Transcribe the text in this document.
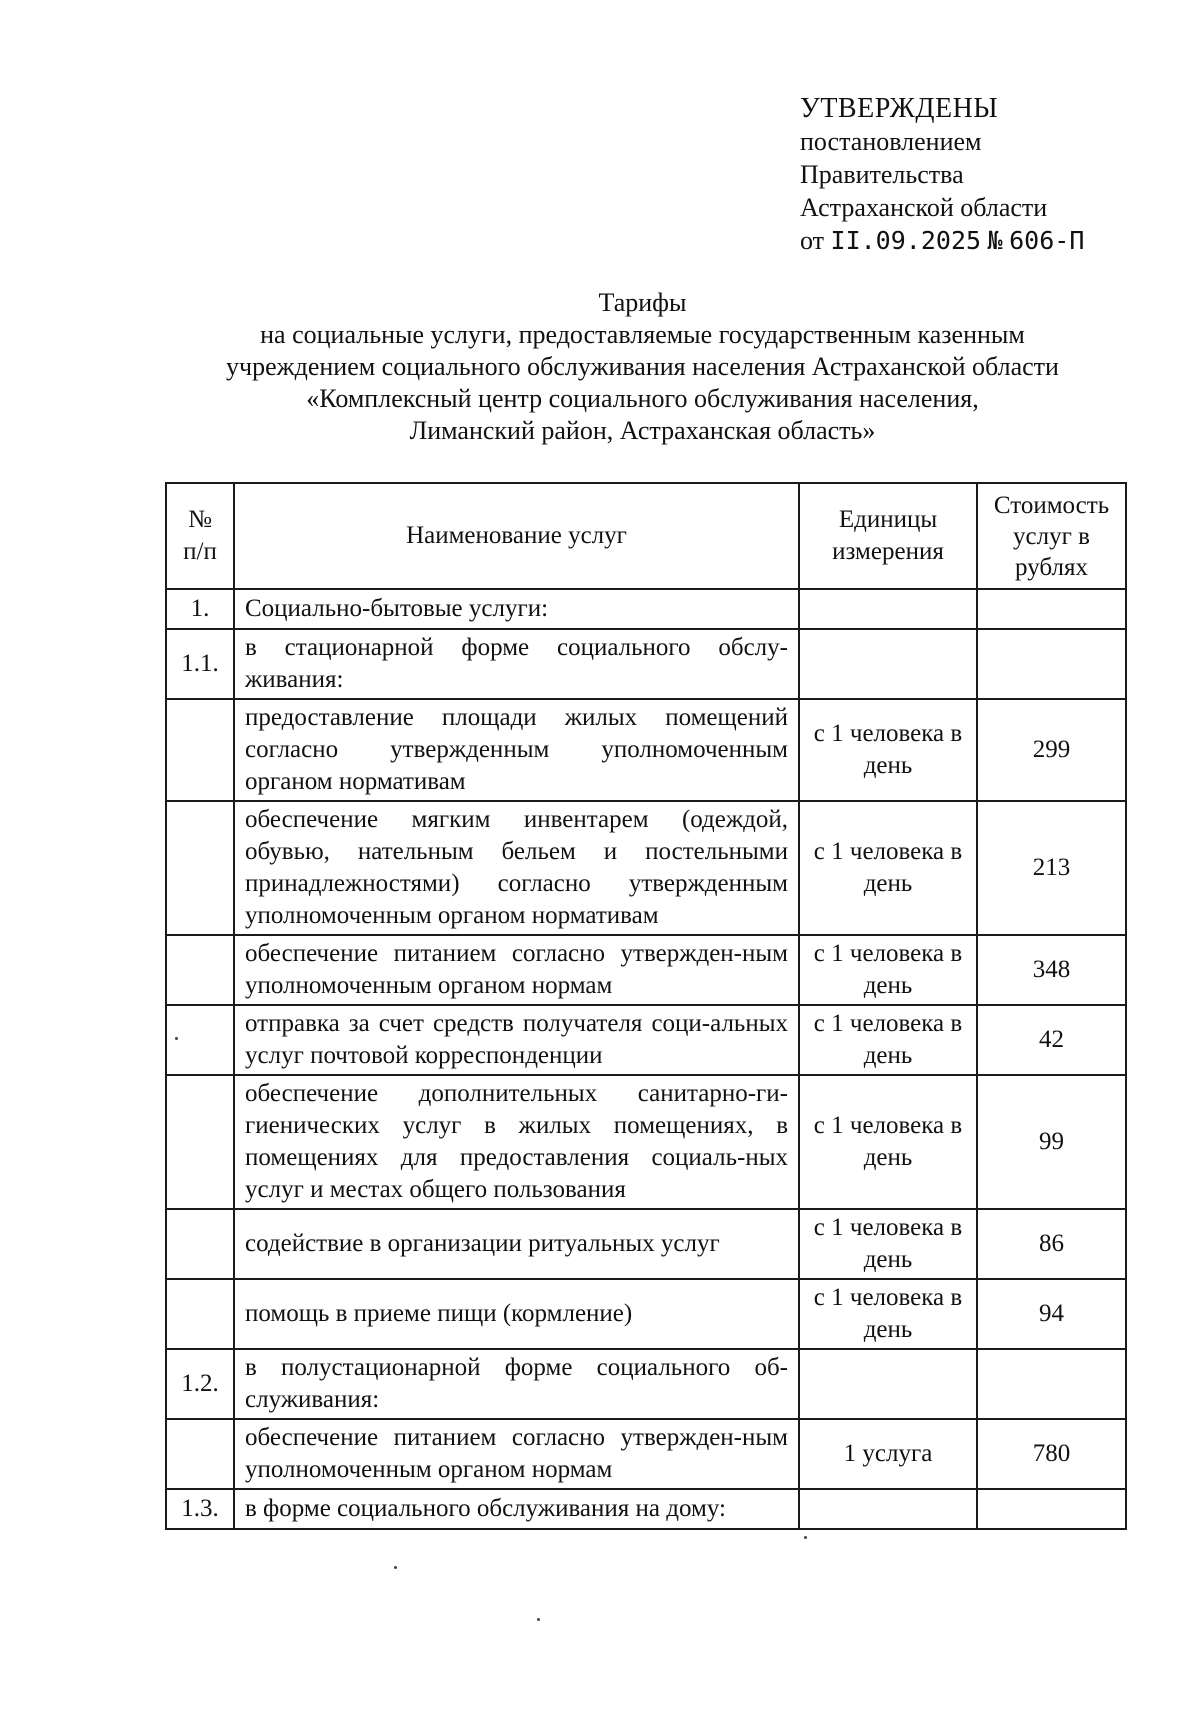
УТВЕРЖДЕНЫ
постановлением
Правительства
Астраханской области
от II.09.2025 № 606-П
Тарифы
на социальные услуги, предоставляемые государственным казенным
учреждением социального обслуживания населения Астраханской области
«Комплексный центр социального обслуживания населения,
Лиманский район, Астраханская область»
№ п/п	Наименование услуг	Единицы измерения	Стоимость услуг в рублях
1.	Социально-бытовые услуги:		
1.1.	в стационарной форме социального обслу-живания:		
	предоставление площади жилых помещений согласно утвержденным уполномоченным органом нормативам	с 1 человека в день	299
	обеспечение мягким инвентарем (одеждой, обувью, нательным бельем и постельными принадлежностями) согласно утвержденным уполномоченным органом нормативам	с 1 человека в день	213
	обеспечение питанием согласно утвержден-ным уполномоченным органом нормам	с 1 человека в день	348
	отправка за счет средств получателя соци-альных услуг почтовой корреспонденции	с 1 человека в день	42
	обеспечение дополнительных санитарно-ги-гиенических услуг в жилых помещениях, в помещениях для предоставления социаль-ных услуг и местах общего пользования	с 1 человека в день	99
	содействие в организации ритуальных услуг	с 1 человека в день	86
	помощь в приеме пищи (кормление)	с 1 человека в день	94
1.2.	в полустационарной форме социального об-служивания:		
	обеспечение питанием согласно утвержден-ным уполномоченным органом нормам	1 услуга	780
1.3.	в форме социального обслуживания на дому:		
